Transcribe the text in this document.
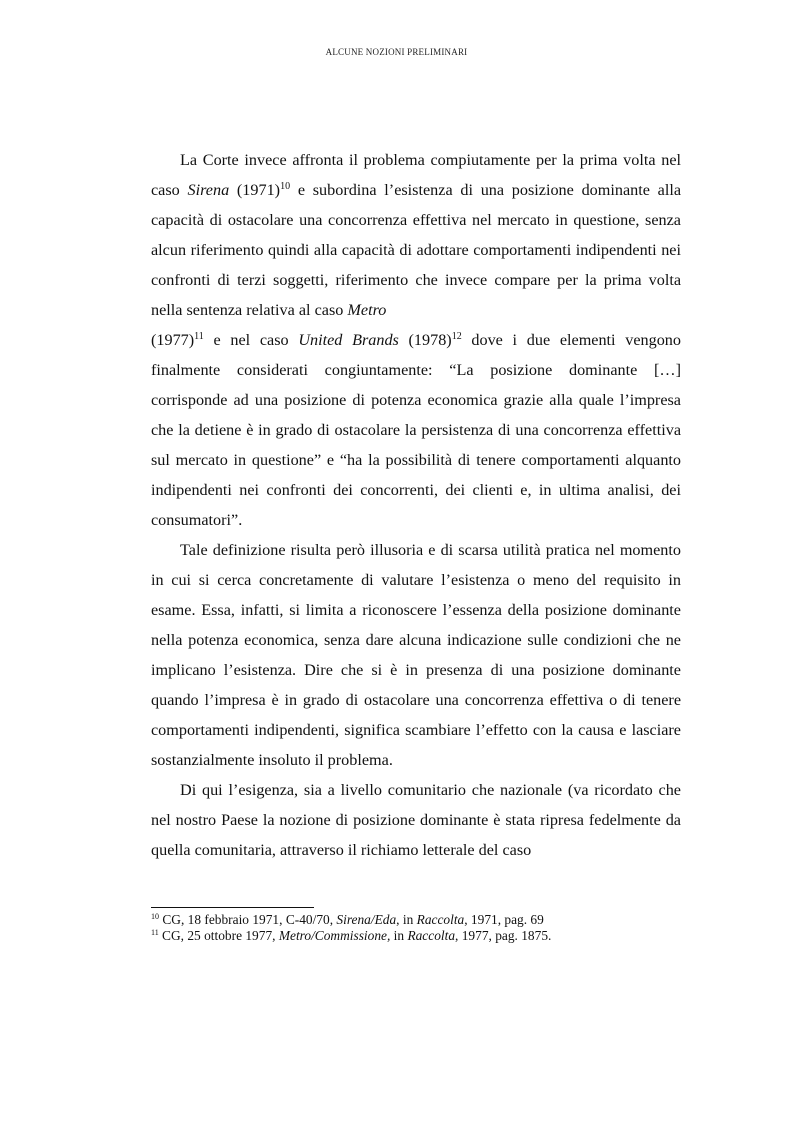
ALCUNE NOZIONI PRELIMINARI

La Corte invece affronta il problema compiutamente per la prima volta nel caso Sirena $(1971)^{10}$ e subordina l’esistenza di una posizione dominante alla capacità di ostacolare una concorrenza effettiva nel mercato in questione, senza alcun riferimento quindi alla capacità di adottare comportamenti indipendenti nei confronti di terzi soggetti, riferimento che invece compare per la prima volta nella sentenza relativa al caso Metro
$(1977)^{11}$ e nel caso United Brands $(1978)^{12}$ dove i due elementi vengono finalmente considerati congiuntamente: “La posizione dominante […] corrisponde ad una posizione di potenza economica grazie alla quale l’impresa che la detiene è in grado di ostacolare la persistenza di una concorrenza effettiva sul mercato in questione” e “ha la possibilità di tenere comportamenti alquanto indipendenti nei confronti dei concorrenti, dei clienti e, in ultima analisi, dei consumatori”.

Tale definizione risulta però illusoria e di scarsa utilità pratica nel momento in cui si cerca concretamente di valutare l’esistenza o meno del requisito in esame. Essa, infatti, si limita a riconoscere l’essenza della posizione dominante nella potenza economica, senza dare alcuna indicazione sulle condizioni che ne implicano l’esistenza. Dire che si è in presenza di una posizione dominante quando l’impresa è in grado di ostacolare una concorrenza effettiva o di tenere comportamenti indipendenti, significa scambiare l’effetto con la causa e lasciare sostanzialmente insoluto il problema.

Di qui l’esigenza, sia a livello comunitario che nazionale (va ricordato che nel nostro Paese la nozione di posizione dominante è stata ripresa fedelmente da quella comunitaria, attraverso il richiamo letterale del caso

$^{10}$ CG, 18 febbraio 1971, C-40/70, Sirena/Eda, in Raccolta, 1971, pag. 69
$^{11}$ CG, 25 ottobre 1977, Metro/Commissione, in Raccolta, 1977, pag. 1875.
